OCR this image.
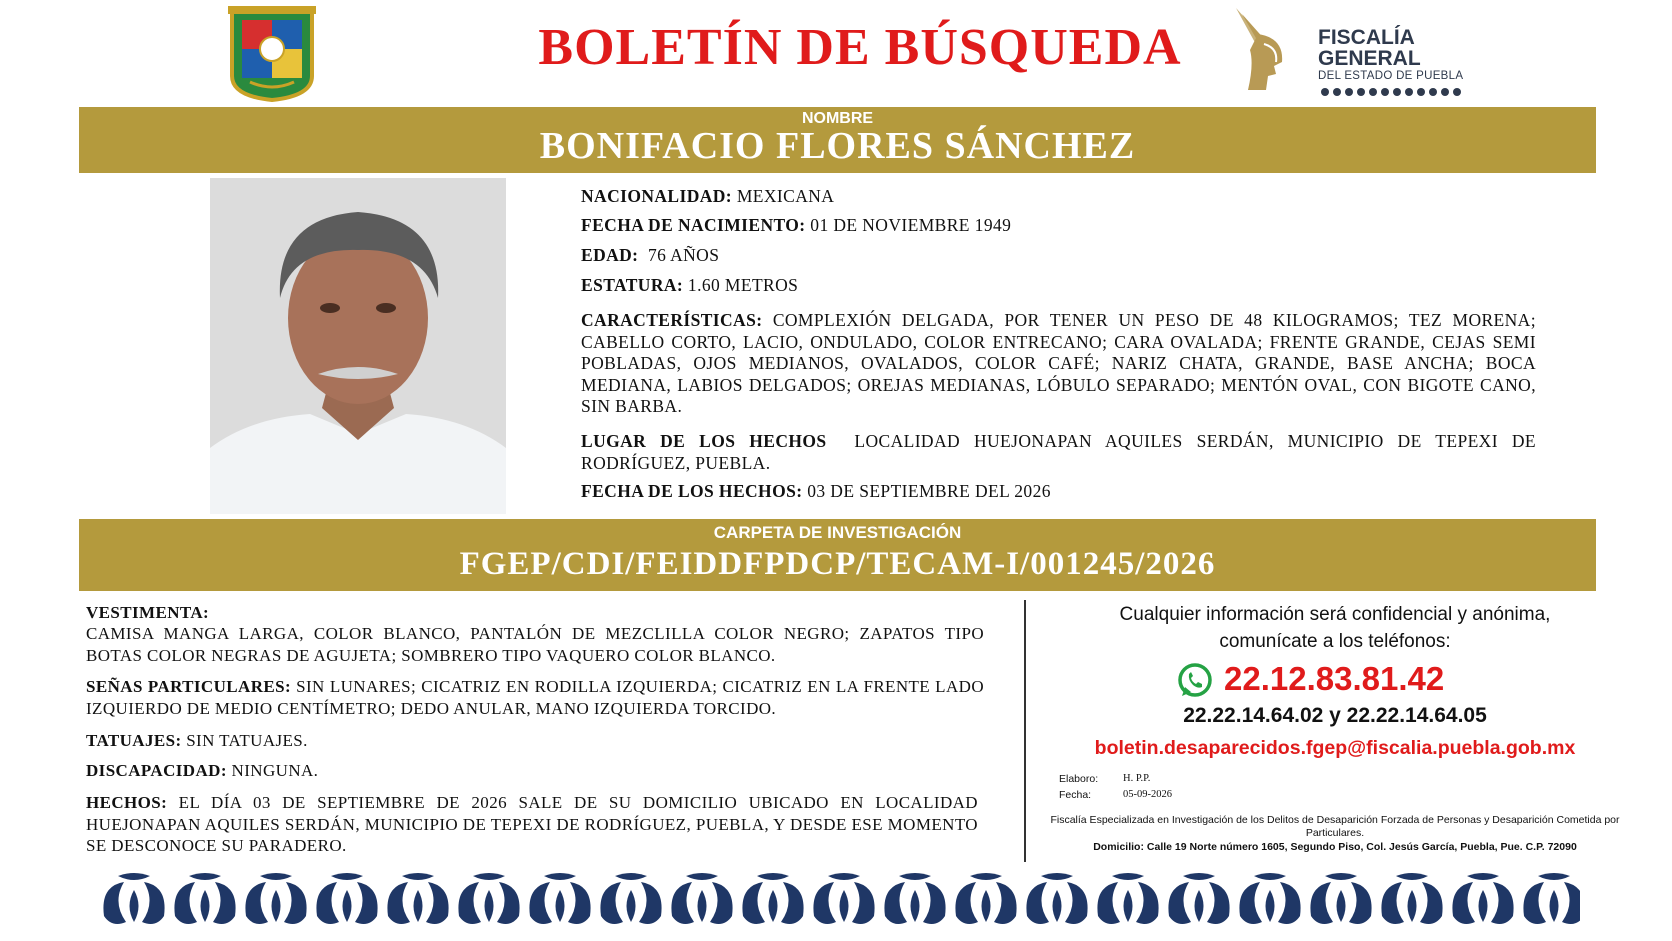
BOLETÍN DE BÚSQUEDA	FISCALÍA
GENERAL
DEL ESTADO DE PUEBLA
NOMBRE
BONIFACIO FLORES SÁNCHEZ
NACIONALIDAD: MEXICANA
FECHA DE NACIMIENTO: 01 DE NOVIEMBRE 1949
EDAD: 76 AÑOS
ESTATURA: 1.60 METROS
CARACTERÍSTICAS: COMPLEXIÓN DELGADA, POR TENER UN PESO DE 48 KILOGRAMOS; TEZ MORENA; CABELLO CORTO, LACIO, ONDULADO, COLOR ENTRECANO; CARA OVALADA; FRENTE GRANDE, CEJAS SEMI POBLADAS, OJOS MEDIANOS, OVALADOS, COLOR CAFÉ; NARIZ CHATA, GRANDE, BASE ANCHA; BOCA MEDIANA, LABIOS DELGADOS; OREJAS MEDIANAS, LÓBULO SEPARADO; MENTÓN OVAL, CON BIGOTE CANO, SIN BARBA.
LUGAR DE LOS HECHOS LOCALIDAD HUEJONAPAN AQUILES SERDÁN, MUNICIPIO DE TEPEXI DE RODRÍGUEZ, PUEBLA.
FECHA DE LOS HECHOS: 03 DE SEPTIEMBRE DEL 2026
CARPETA DE INVESTIGACIÓN
FGEP/CDI/FEIDDFPDCP/TECAM-I/001245/2026
VESTIMENTA:
CAMISA MANGA LARGA, COLOR BLANCO, PANTALÓN DE MEZCLILLA COLOR NEGRO; ZAPATOS TIPO BOTAS COLOR NEGRAS DE AGUJETA; SOMBRERO TIPO VAQUERO COLOR BLANCO.
SEÑAS PARTICULARES: SIN LUNARES; CICATRIZ EN RODILLA IZQUIERDA; CICATRIZ EN LA FRENTE LADO IZQUIERDO DE MEDIO CENTÍMETRO; DEDO ANULAR, MANO IZQUIERDA TORCIDO.
TATUAJES: SIN TATUAJES.
DISCAPACIDAD: NINGUNA.
HECHOS: EL DÍA 03 DE SEPTIEMBRE DE 2026 SALE DE SU DOMICILIO UBICADO EN LOCALIDAD HUEJONAPAN AQUILES SERDÁN, MUNICIPIO DE TEPEXI DE RODRÍGUEZ, PUEBLA, Y DESDE ESE MOMENTO SE DESCONOCE SU PARADERO.
Cualquier información será confidencial y anónima,
comunícate a los teléfonos:
22.12.83.81.42
22.22.14.64.02 y 22.22.14.64.05
boletin.desaparecidos.fgep@fiscalia.puebla.gob.mx
Elaboro: H. P.P.
Fecha:	05-09-2026
Fiscalía Especializada en Investigación de los Delitos de Desaparición Forzada de Personas y Desaparición Cometida por Particulares.
Domicilio: Calle 19 Norte número 1605, Segundo Piso, Col. Jesús García, Puebla, Pue. C.P. 72090
